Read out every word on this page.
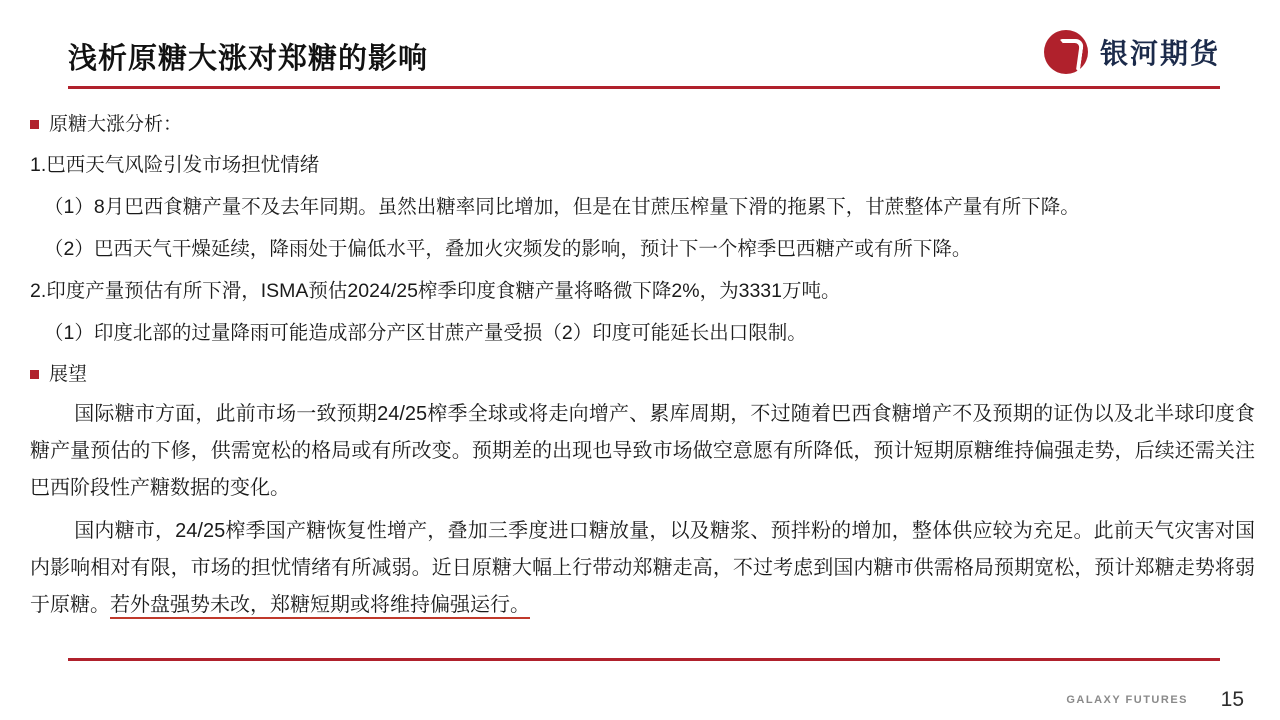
浅析原糖大涨对郑糖的影响	银河期货
原糖大涨分析：

1.巴西天气风险引发市场担忧情绪

（1）8月巴西食糖产量不及去年同期。虽然出糖率同比增加，但是在甘蔗压榨量下滑的拖累下，甘蔗整体产量有所下降。

（2）巴西天气干燥延续，降雨处于偏低水平，叠加火灾频发的影响，预计下一个榨季巴西糖产或有所下降。

2.印度产量预估有所下滑，ISMA预估2024/25榨季印度食糖产量将略微下降2%，为3331万吨。

（1）印度北部的过量降雨可能造成部分产区甘蔗产量受损（2）印度可能延长出口限制。

展望

国际糖市方面，此前市场一致预期24/25榨季全球或将走向增产、累库周期，不过随着巴西食糖增产不及预期的证伪以及北半球印度食糖产量预估的下修，供需宽松的格局或有所改变。预期差的出现也导致市场做空意愿有所降低，预计短期原糖维持偏强走势，后续还需关注巴西阶段性产糖数据的变化。

国内糖市，24/25榨季国产糖恢复性增产，叠加三季度进口糖放量，以及糖浆、预拌粉的增加，整体供应较为充足。此前天气灾害对国内影响相对有限，市场的担忧情绪有所减弱。近日原糖大幅上行带动郑糖走高，不过考虑到国内糖市供需格局预期宽松，预计郑糖走势将弱于原糖。若外盘强势未改，郑糖短期或将维持偏强运行。

GALAXY FUTURES 15
